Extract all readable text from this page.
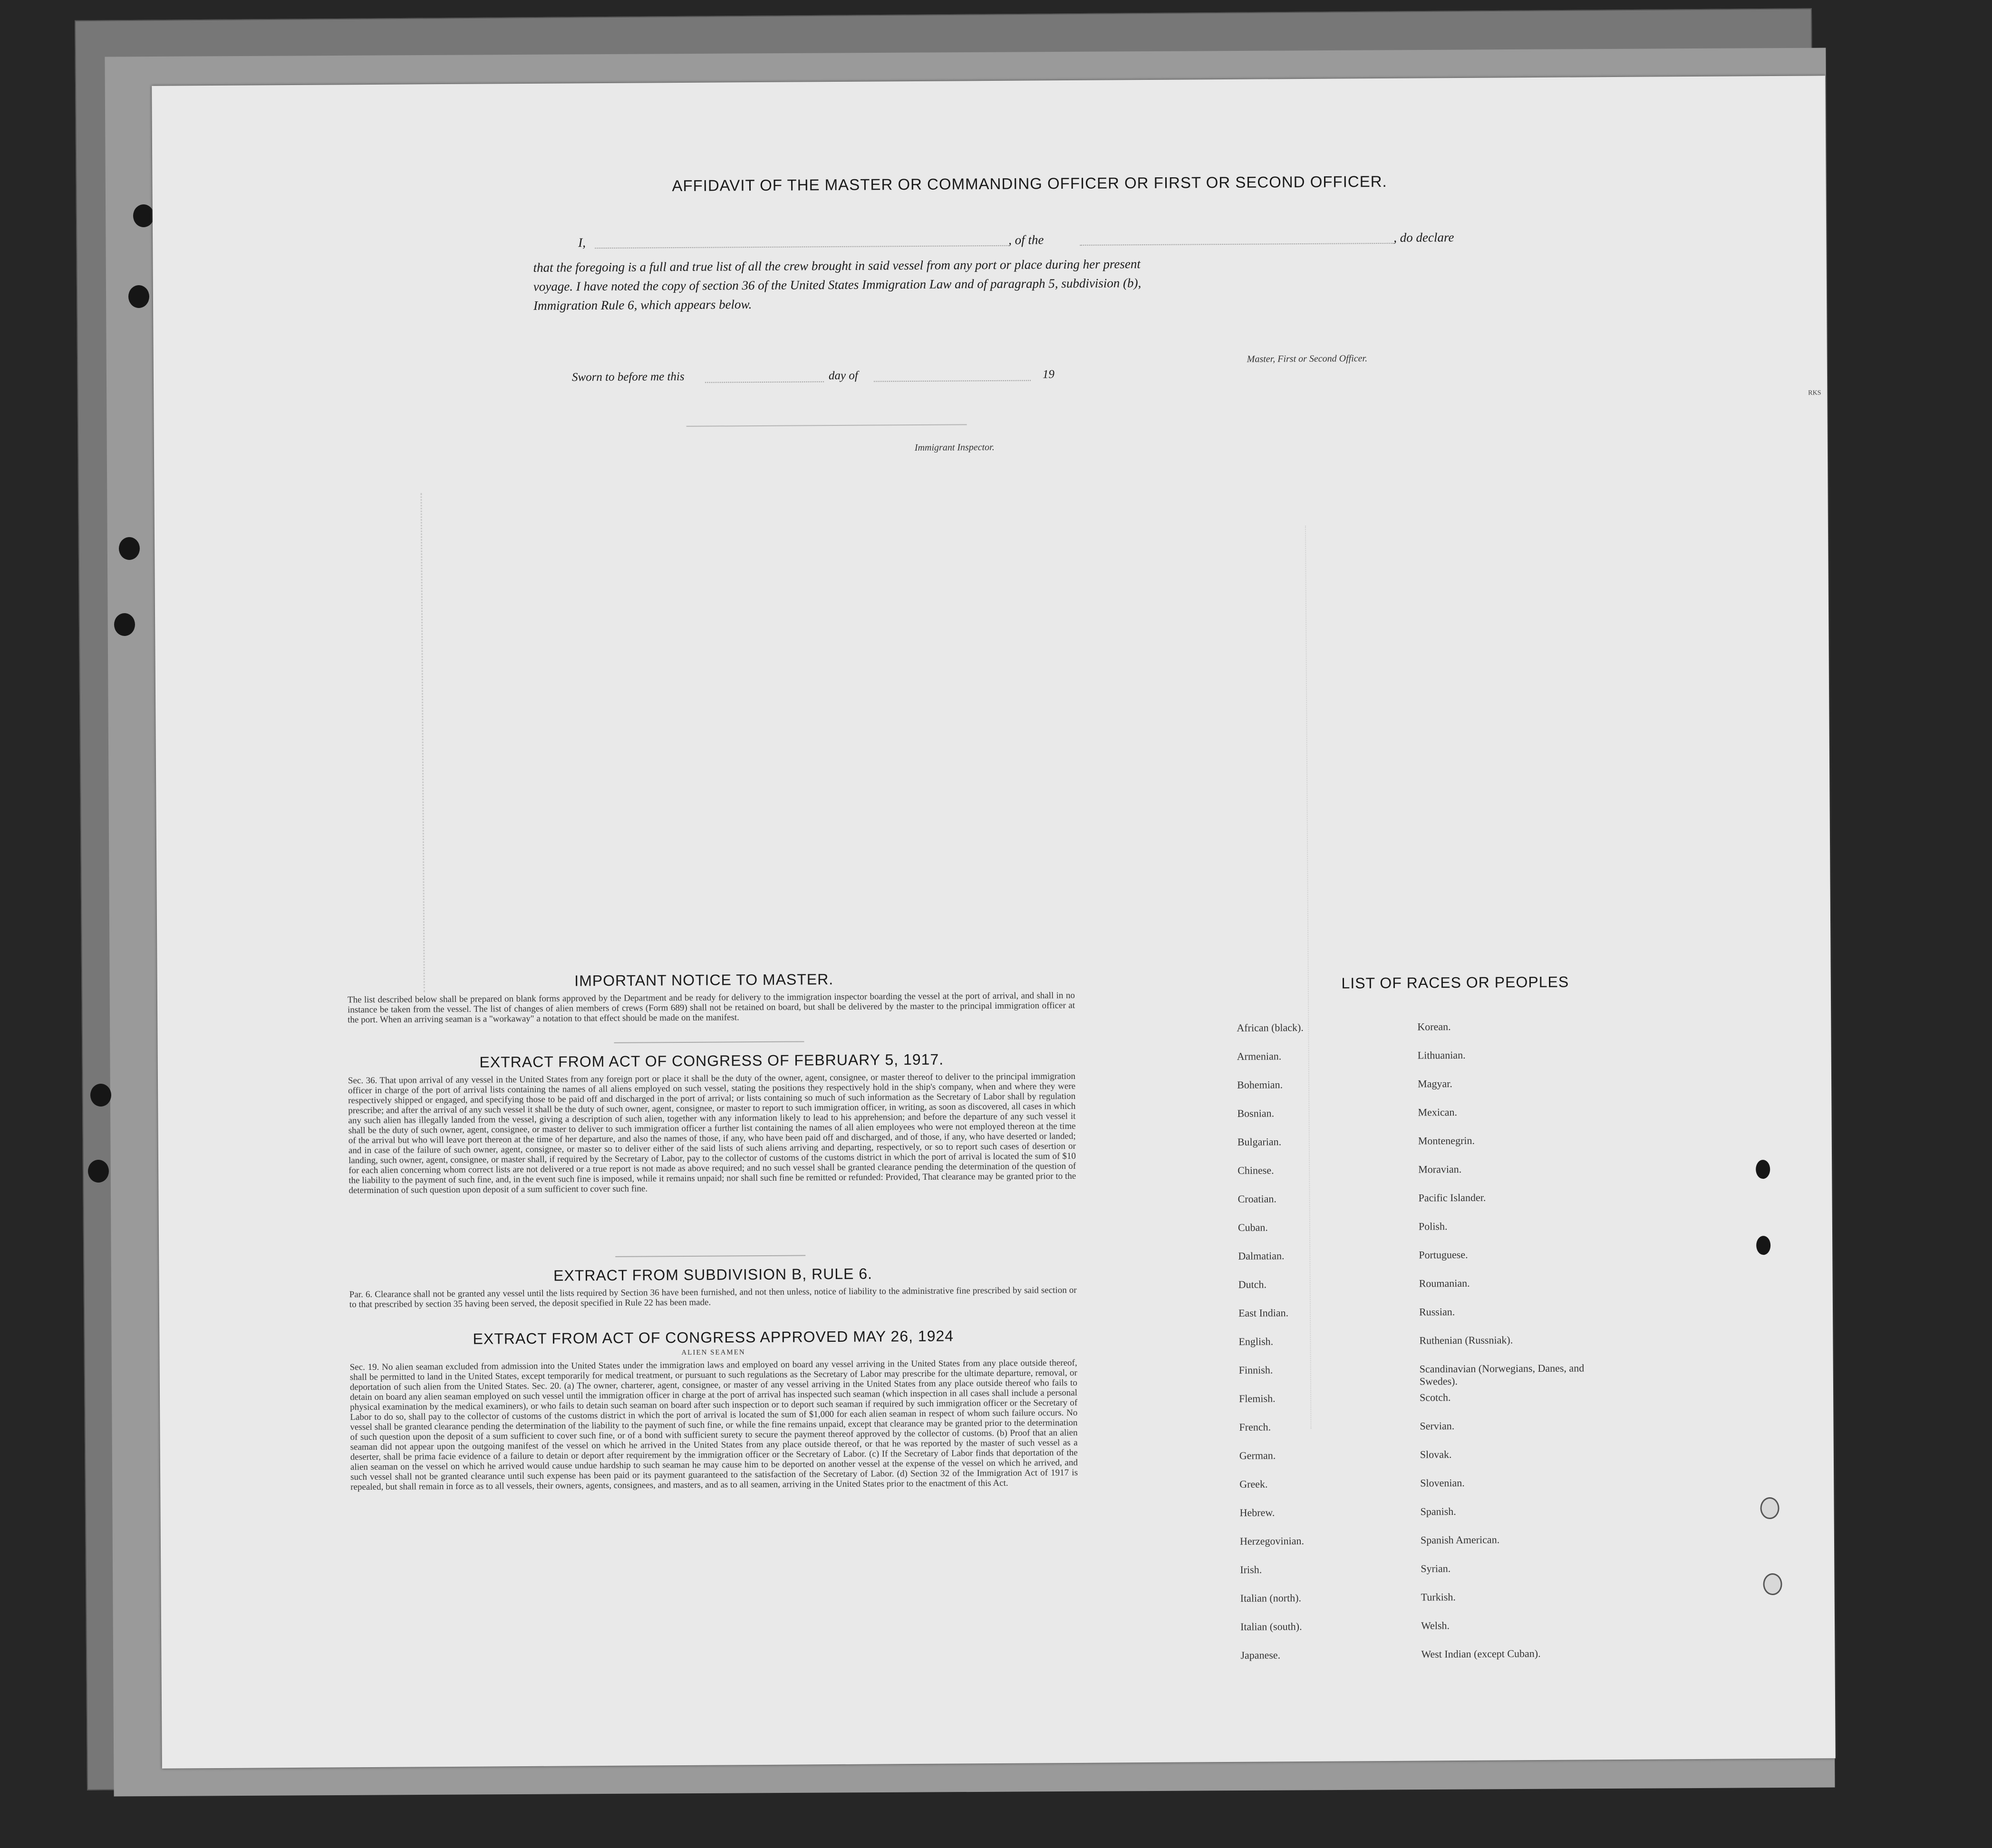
RKS
​
AFFIDAVIT OF THE MASTER OR COMMANDING OFFICER OR FIRST OR SECOND OFFICER.
I,	, of the	, do declare
that the foregoing is a full and true list of all the crew brought in said vessel from any port or place during her present
voyage. I have noted the copy of section 36 of the United States Immigration Law and of paragraph 5, subdivision (b),
Immigration Rule 6, which appears below.
Master, First or Second Officer.
Sworn to before me this	day of	19
Immigrant Inspector.
IMPORTANT NOTICE TO MASTER.
The list described below shall be prepared on blank forms approved by the Department and be ready for delivery to the immigration inspector boarding the vessel at the port of arrival, and shall in no instance be taken from the vessel. The list of changes of alien members of crews (Form 689) shall not be retained on board, but shall be delivered by the master to the principal immigration officer at the port. When an arriving seaman is a "workaway" a notation to that effect should be made on the manifest.
EXTRACT FROM ACT OF CONGRESS OF FEBRUARY 5, 1917.
Sec. 36. That upon arrival of any vessel in the United States from any foreign port or place it shall be the duty of the owner, agent, consignee, or master thereof to deliver to the principal immigration officer in charge of the port of arrival lists containing the names of all aliens employed on such vessel, stating the positions they respectively hold in the ship's company, when and where they were respectively shipped or engaged, and specifying those to be paid off and discharged in the port of arrival; or lists containing so much of such information as the Secretary of Labor shall by regulation prescribe; and after the arrival of any such vessel it shall be the duty of such owner, agent, consignee, or master to report to such immigration officer, in writing, as soon as discovered, all cases in which any such alien has illegally landed from the vessel, giving a description of such alien, together with any information likely to lead to his apprehension; and before the departure of any such vessel it shall be the duty of such owner, agent, consignee, or master to deliver to such immigration officer a further list containing the names of all alien employees who were not employed thereon at the time of the arrival but who will leave port thereon at the time of her departure, and also the names of those, if any, who have been paid off and discharged, and of those, if any, who have deserted or landed; and in case of the failure of such owner, agent, consignee, or master so to deliver either of the said lists of such aliens arriving and departing, respectively, or so to report such cases of desertion or landing, such owner, agent, consignee, or master shall, if required by the Secretary of Labor, pay to the collector of customs of the customs district in which the port of arrival is located the sum of $10 for each alien concerning whom correct lists are not delivered or a true report is not made as above required; and no such vessel shall be granted clearance pending the determination of the question of the liability to the payment of such fine, and, in the event such fine is imposed, while it remains unpaid; nor shall such fine be remitted or refunded: Provided, That clearance may be granted prior to the determination of such question upon deposit of a sum sufficient to cover such fine.
EXTRACT FROM SUBDIVISION B, RULE 6.
Par. 6. Clearance shall not be granted any vessel until the lists required by Section 36 have been furnished, and not then unless, notice of liability to the administrative fine prescribed by said section or to that prescribed by section 35 having been served, the deposit specified in Rule 22 has been made.
EXTRACT FROM ACT OF CONGRESS APPROVED MAY 26, 1924
ALIEN SEAMEN
Sec. 19. No alien seaman excluded from admission into the United States under the immigration laws and employed on board any vessel arriving in the United States from any place outside thereof, shall be permitted to land in the United States, except temporarily for medical treatment, or pursuant to such regulations as the Secretary of Labor may prescribe for the ultimate departure, removal, or deportation of such alien from the United States. Sec. 20. (a) The owner, charterer, agent, consignee, or master of any vessel arriving in the United States from any place outside thereof who fails to detain on board any alien seaman employed on such vessel until the immigration officer in charge at the port of arrival has inspected such seaman (which inspection in all cases shall include a personal physical examination by the medical examiners), or who fails to detain such seaman on board after such inspection or to deport such seaman if required by such immigration officer or the Secretary of Labor to do so, shall pay to the collector of customs of the customs district in which the port of arrival is located the sum of $1,000 for each alien seaman in respect of whom such failure occurs. No vessel shall be granted clearance pending the determination of the liability to the payment of such fine, or while the fine remains unpaid, except that clearance may be granted prior to the determination of such question upon the deposit of a sum sufficient to cover such fine, or of a bond with sufficient surety to secure the payment thereof approved by the collector of customs. (b) Proof that an alien seaman did not appear upon the outgoing manifest of the vessel on which he arrived in the United States from any place outside thereof, or that he was reported by the master of such vessel as a deserter, shall be prima facie evidence of a failure to detain or deport after requirement by the immigration officer or the Secretary of Labor. (c) If the Secretary of Labor finds that deportation of the alien seaman on the vessel on which he arrived would cause undue hardship to such seaman he may cause him to be deported on another vessel at the expense of the vessel on which he arrived, and such vessel shall not be granted clearance until such expense has been paid or its payment guaranteed to the satisfaction of the Secretary of Labor. (d) Section 32 of the Immigration Act of 1917 is repealed, but shall remain in force as to all vessels, their owners, agents, consignees, and masters, and as to all seamen, arriving in the United States prior to the enactment of this Act.
LIST OF RACES OR PEOPLES
African (black).
Armenian.
Bohemian.
Bosnian.
Bulgarian.
Chinese.
Croatian.
Cuban.
Dalmatian.
Dutch.
East Indian.
English.
Finnish.
Flemish.
French.
German.
Greek.
Hebrew.
Herzegovinian.
Irish.
Italian (north).
Italian (south).
Japanese.
Korean.
Lithuanian.
Magyar.
Mexican.
Montenegrin.
Moravian.
Pacific Islander.
Polish.
Portuguese.
Roumanian.
Russian.
Ruthenian (Russniak).
Scandinavian (Norwegians, Danes, and Swedes).
Scotch.
Servian.
Slovak.
Slovenian.
Spanish.
Spanish American.
Syrian.
Turkish.
Welsh.
West Indian (except Cuban).
